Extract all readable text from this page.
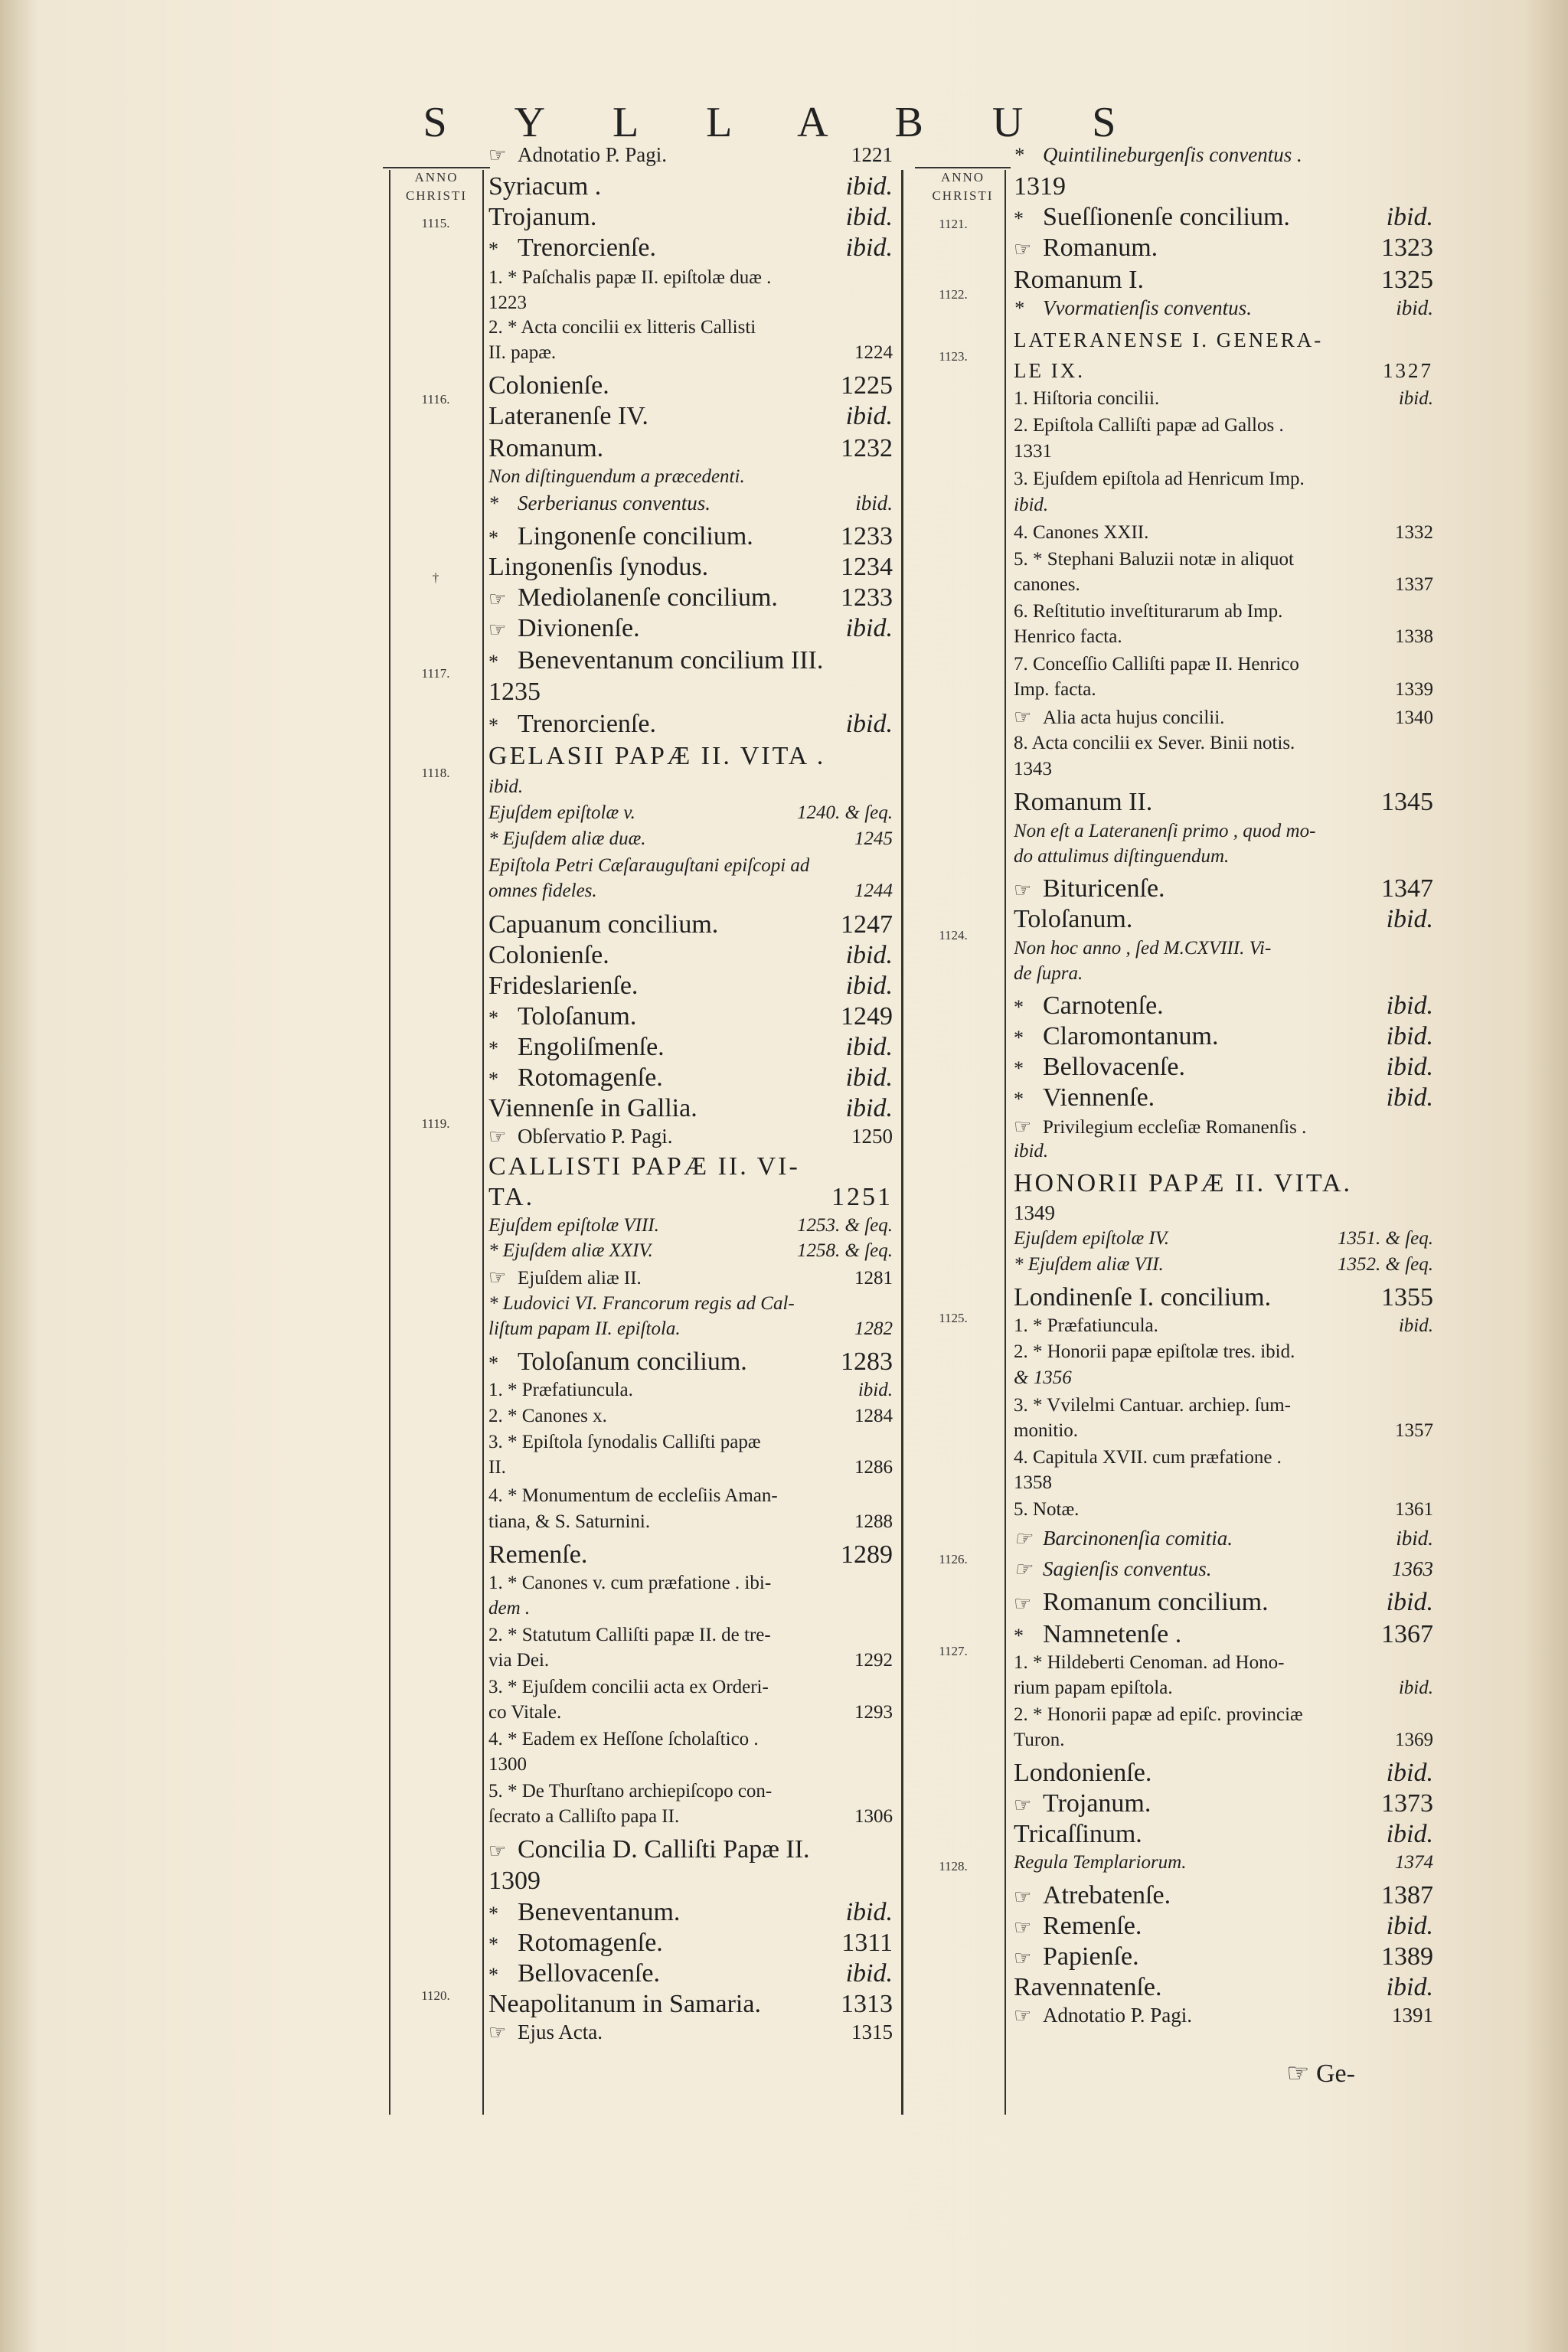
S Y L L A B U S
ANNO
CHRISTI
ANNO
CHRISTI
1115.
1116.
†
1117.
1118.
1119.
1120.
1121.
1122.
1123.
1124.
1125.
1126.
1127.
1128.
☞ Adnotatio P. Pagi.	1221
Syriacum .	ibid.
Trojanum.	ibid.
* Trenorcienſe.	ibid.
1. * Paſchalis papæ II. epiſtolæ duæ .
1223
2. * Acta concilii ex litteris Callisti
II. papæ.	1224
Colonienſe.	1225
Lateranenſe IV.	ibid.
Romanum.	1232
Non diſtinguendum a præcedenti.
* Serberianus conventus.	ibid.
* Lingonenſe concilium.	1233
Lingonenſis ſynodus.	1234
☞ Mediolanenſe concilium. 1233
☞ Divionenſe.	ibid.
* Beneventanum concilium III.
1235
* Trenorcienſe.	ibid.
GELASII PAPÆ II. VITA .
ibid.
Ejuſdem epiſtolæ v.	1240. & ſeq.
* Ejuſdem aliæ duæ.	1245
Epiſtola Petri Cæſarauguſtani epiſcopi ad
omnes fideles.	1244
Capuanum concilium.	1247
Colonienſe.	ibid.
Frideslarienſe.	ibid.
* Toloſanum.	1249
* Engoliſmenſe.	ibid.
* Rotomagenſe.	ibid.
Viennenſe in Gallia.	ibid.
☞ Obſervatio P. Pagi.	1250
CALLISTI PAPÆ II. VI-
TA.	1251
Ejuſdem epiſtolæ VIII.	1253. & ſeq.
* Ejuſdem aliæ XXIV.	1258. & ſeq.
☞ Ejuſdem aliæ II.	1281
* Ludovici VI. Francorum regis ad Cal-
liſtum papam II. epiſtola.	1282
* Toloſanum concilium.	1283
1. * Præfatiuncula.	ibid.
2. * Canones x.	1284
3. * Epiſtola ſynodalis Calliſti papæ
II.	1286
4. * Monumentum de eccleſiis Aman-
tiana, & S. Saturnini.	1288
Remenſe.	1289
1. * Canones v. cum præfatione . ibi-
dem .
2. * Statutum Calliſti papæ II. de tre-
via Dei.	1292
3. * Ejuſdem concilii acta ex Orderi-
co Vitale.	1293
4. * Eadem ex Heſſone ſcholaſtico .
1300
5. * De Thurſtano archiepiſcopo con-
ſecrato a Calliſto papa II.	1306
☞ Concilia D. Calliſti Papæ II.
1309
* Beneventanum.	ibid.
* Rotomagenſe.	1311
* Bellovacenſe.	ibid.
Neapolitanum in Samaria.	1313
☞ Ejus Acta.	1315
* Quintilineburgenſis conventus .
1319
* Sueſſionenſe concilium.	ibid.
☞ Romanum.	1323
Romanum I.	1325
* Vvormatienſis conventus.	ibid.
LATERANENSE I. GENERA-
LE IX.	1327
1. Hiſtoria concilii.	ibid.
2. Epiſtola Calliſti papæ ad Gallos .
1331
3. Ejuſdem epiſtola ad Henricum Imp.
ibid.
4. Canones XXII.	1332
5. * Stephani Baluzii notæ in aliquot
canones.	1337
6. Reſtitutio inveſtiturarum ab Imp.
Henrico facta.	1338
7. Conceſſio Calliſti papæ II. Henrico
Imp. facta.	1339
☞ Alia acta hujus concilii.	1340
8. Acta concilii ex Sever. Binii notis.
1343
Romanum II.	1345
Non eſt a Lateranenſi primo , quod mo-
do attulimus diſtinguendum.
☞ Bituricenſe.	1347
Toloſanum.	ibid.
Non hoc anno , ſed M.CXVIII. Vi-
de ſupra.
* Carnotenſe.	ibid.
* Claromontanum.	ibid.
* Bellovacenſe.	ibid.
* Viennenſe.	ibid.
☞ Privilegium eccleſiæ Romanenſis .
ibid.
HONORII PAPÆ II. VITA.
1349
Ejuſdem epiſtolæ IV.	1351. & ſeq.
* Ejuſdem aliæ VII.	1352. & ſeq.
Londinenſe I. concilium.	1355
1. * Præfatiuncula.	ibid.
2. * Honorii papæ epiſtolæ tres. ibid.
& 1356
3. * Vvilelmi Cantuar. archiep. ſum-
monitio.	1357
4. Capitula XVII. cum præfatione .
1358
5. Notæ.	1361
☞ Barcinonenſia comitia.	ibid.
☞ Sagienſis conventus.	1363
☞ Romanum concilium.	ibid.
* Namnetenſe .	1367
1. * Hildeberti Cenoman. ad Hono-
rium papam epiſtola.	ibid.
2. * Honorii papæ ad epiſc. provinciæ
Turon.	1369
Londonienſe.	ibid.
☞ Trojanum.	1373
Tricaſſinum.	ibid.
Regula Templariorum.	1374
☞ Atrebatenſe.	1387
☞ Remenſe.	ibid.
☞ Papienſe.	1389
Ravennatenſe.	ibid.
☞ Adnotatio P. Pagi.	1391
☞ Ge-
